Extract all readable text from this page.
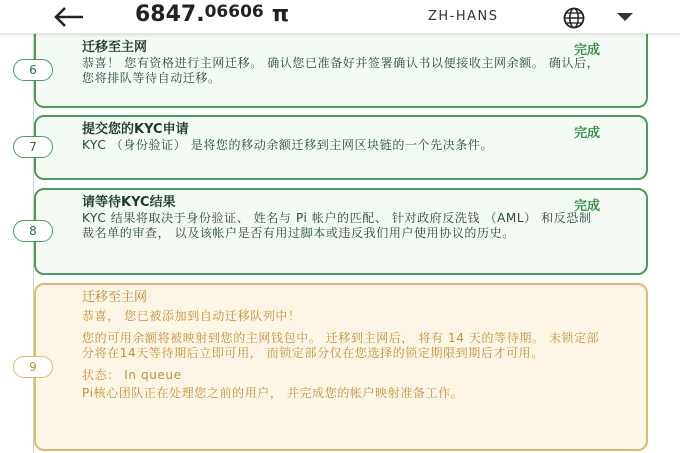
6847.06606 π	ZH-HANS
迁移至主网	完成
恭喜！ 您有资格进行主网迁移。 确认您已准备好并签署确认书以便接收主网余额。 确认后， 您将排队等待自动迁移。
6
提交您的KYC申请	完成
KYC （身份验证） 是将您的移动余额迁移到主网区块链的一个先决条件。
7
请等待KYC结果	完成
KYC 结果将取决于身份验证、 姓名与 Pi 帐户的匹配、 针对政府反洗钱 （AML） 和反恐制裁名单的审查， 以及该帐户是否有用过脚本或违反我们用户使用协议的历史。
8
迁移至主网

恭喜， 您已被添加到自动迁移队列中！

您的可用余额将被映射到您的主网钱包中。 迁移到主网后， 将有 14 天的等待期。 未锁定部分将在14天等待期后立即可用， 而锁定部分仅在您选择的锁定期限到期后才可用。

状态： In queue

Pi核心团队正在处理您之前的用户， 并完成您的帐户映射准备工作。

9
